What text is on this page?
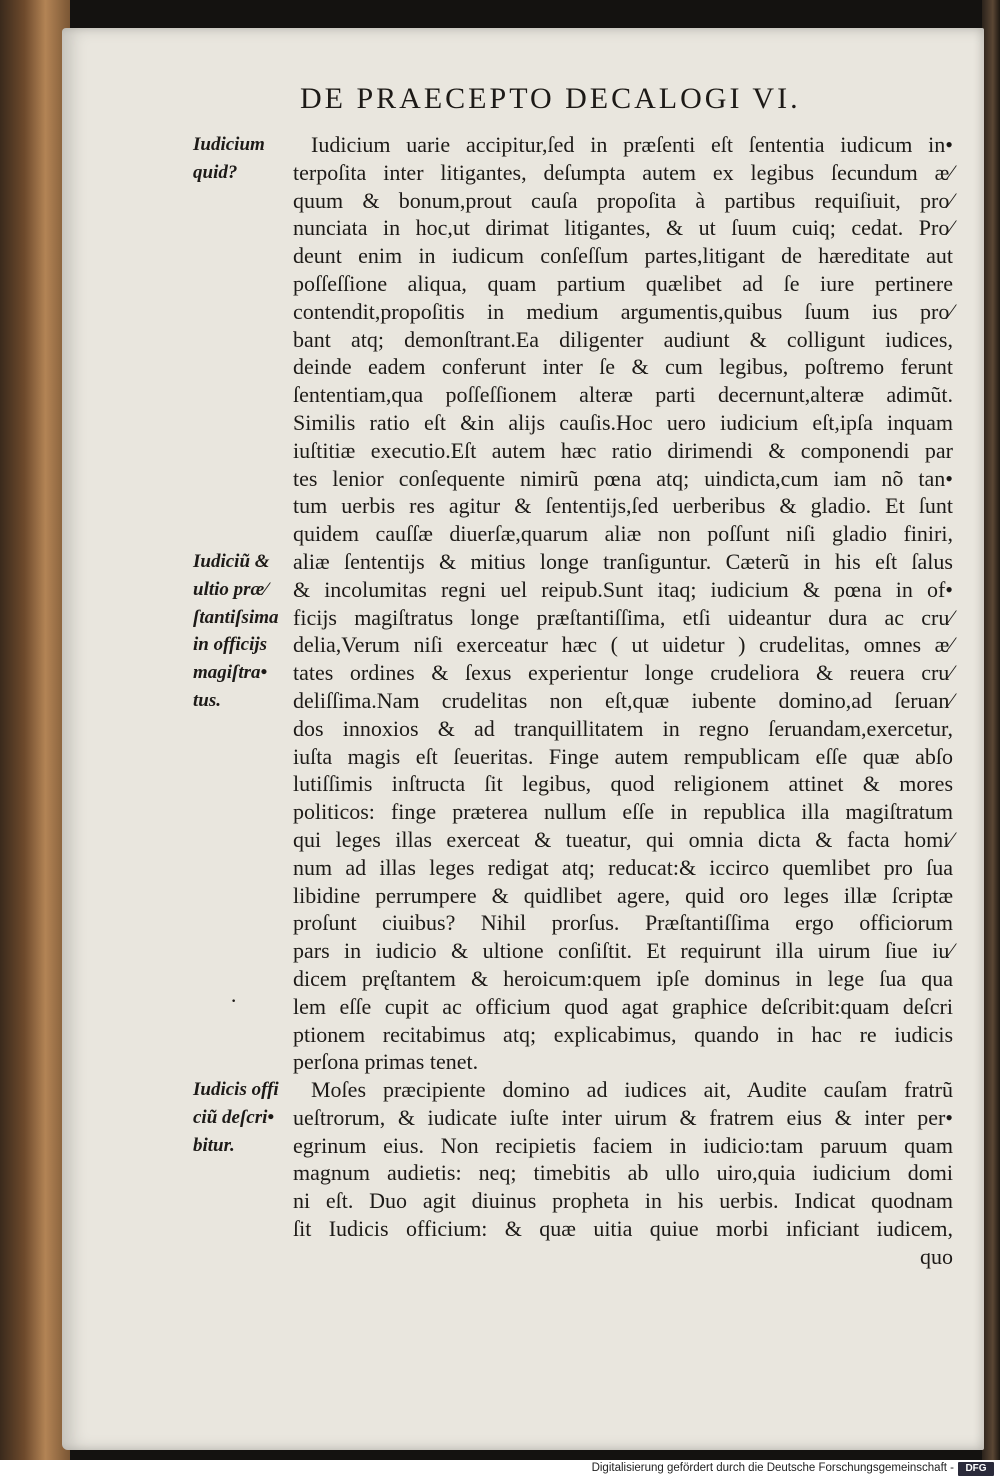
DE PRAECEPTO DECALOGI VI.
Iudicium uarie accipitur,ſed in præſenti eſt ſententia iudicum in•
terpoſita inter litigantes, deſumpta autem ex legibus ſecundum æ⁄
quum & bonum,prout cauſa propoſita à partibus requiſiuit, pro⁄
nunciata in hoc,ut dirimat litigantes, & ut ſuum cuiq; cedat. Pro⁄
deunt enim in iudicum conſeſſum partes,litigant de hæreditate aut
poſſeſſione aliqua, quam partium quælibet ad ſe iure pertinere
contendit,propoſitis in medium argumentis,quibus ſuum ius pro⁄
bant atq; demonſtrant.Ea diligenter audiunt & colligunt iudices,
deinde eadem conferunt inter ſe & cum legibus, poſtremo ferunt
ſententiam,qua poſſeſſionem alteræ parti decernunt,alteræ adimũt.
Similis ratio eſt &in alijs cauſis.Hoc uero iudicium eſt,ipſa inquam
iuſtitiæ executio.Eſt autem hæc ratio dirimendi & componendi par
tes lenior conſequente nimirũ pœna atq; uindicta,cum iam nõ tan•
tum uerbis res agitur & ſententijs,ſed uerberibus & gladio. Et ſunt
quidem cauſſæ diuerſæ,quarum aliæ non poſſunt niſi gladio finiri,
aliæ ſententijs & mitius longe tranſiguntur. Cæterũ in his eſt ſalus
& incolumitas regni uel reipub.Sunt itaq; iudicium & pœna in of•
ficijs magiſtratus longe præſtantiſſima, etſi uideantur dura ac cru⁄
delia,Verum niſi exerceatur hæc ( ut uidetur ) crudelitas, omnes æ⁄
tates ordines & ſexus experientur longe crudeliora & reuera cru⁄
deliſſima.Nam crudelitas non eſt,quæ iubente domino,ad ſeruan⁄
dos innoxios & ad tranquillitatem in regno ſeruandam,exercetur,
iuſta magis eſt ſeueritas. Finge autem rempublicam eſſe quæ abſo
lutiſſimis inſtructa ſit legibus, quod religionem attinet & mores
politicos: finge præterea nullum eſſe in republica illa magiſtratum
qui leges illas exerceat & tueatur, qui omnia dicta & facta homi⁄
num ad illas leges redigat atq; reducat:& iccirco quemlibet pro ſua
libidine perrumpere & quidlibet agere, quid oro leges illæ ſcriptæ
proſunt ciuibus? Nihil prorſus. Præſtantiſſima ergo officiorum
pars in iudicio & ultione conſiſtit. Et requirunt illa uirum ſiue iu⁄
dicem pręſtantem & heroicum:quem ipſe dominus in lege ſua qua
lem eſſe cupit ac officium quod agat graphice deſcribit:quam deſcri
ptionem recitabimus atq; explicabimus, quando in hac re iudicis
perſona primas tenet.
Moſes præcipiente domino ad iudices ait, Audite cauſam fratrũ
ueſtrorum, & iudicate iuſte inter uirum & fratrem eius & inter per•
egrinum eius. Non recipietis faciem in iudicio:tam paruum quam
magnum audietis: neq; timebitis ab ullo uiro,quia iudicium domi
ni eſt. Duo agit diuinus propheta in his uerbis. Indicat quodnam
ſit Iudicis officium: & quæ uitia quiue morbi inficiant iudicem,
quo
Iudicium
quid?
Iudiciũ &
ultio præ⁄
ſtantiſsima
in officijs
magiſtra•
tus.
Iudicis offi
ciũ deſcri•
bitur.
·
Digitalisierung gefördert durch die Deutsche Forschungsgemeinschaft -	DFG
